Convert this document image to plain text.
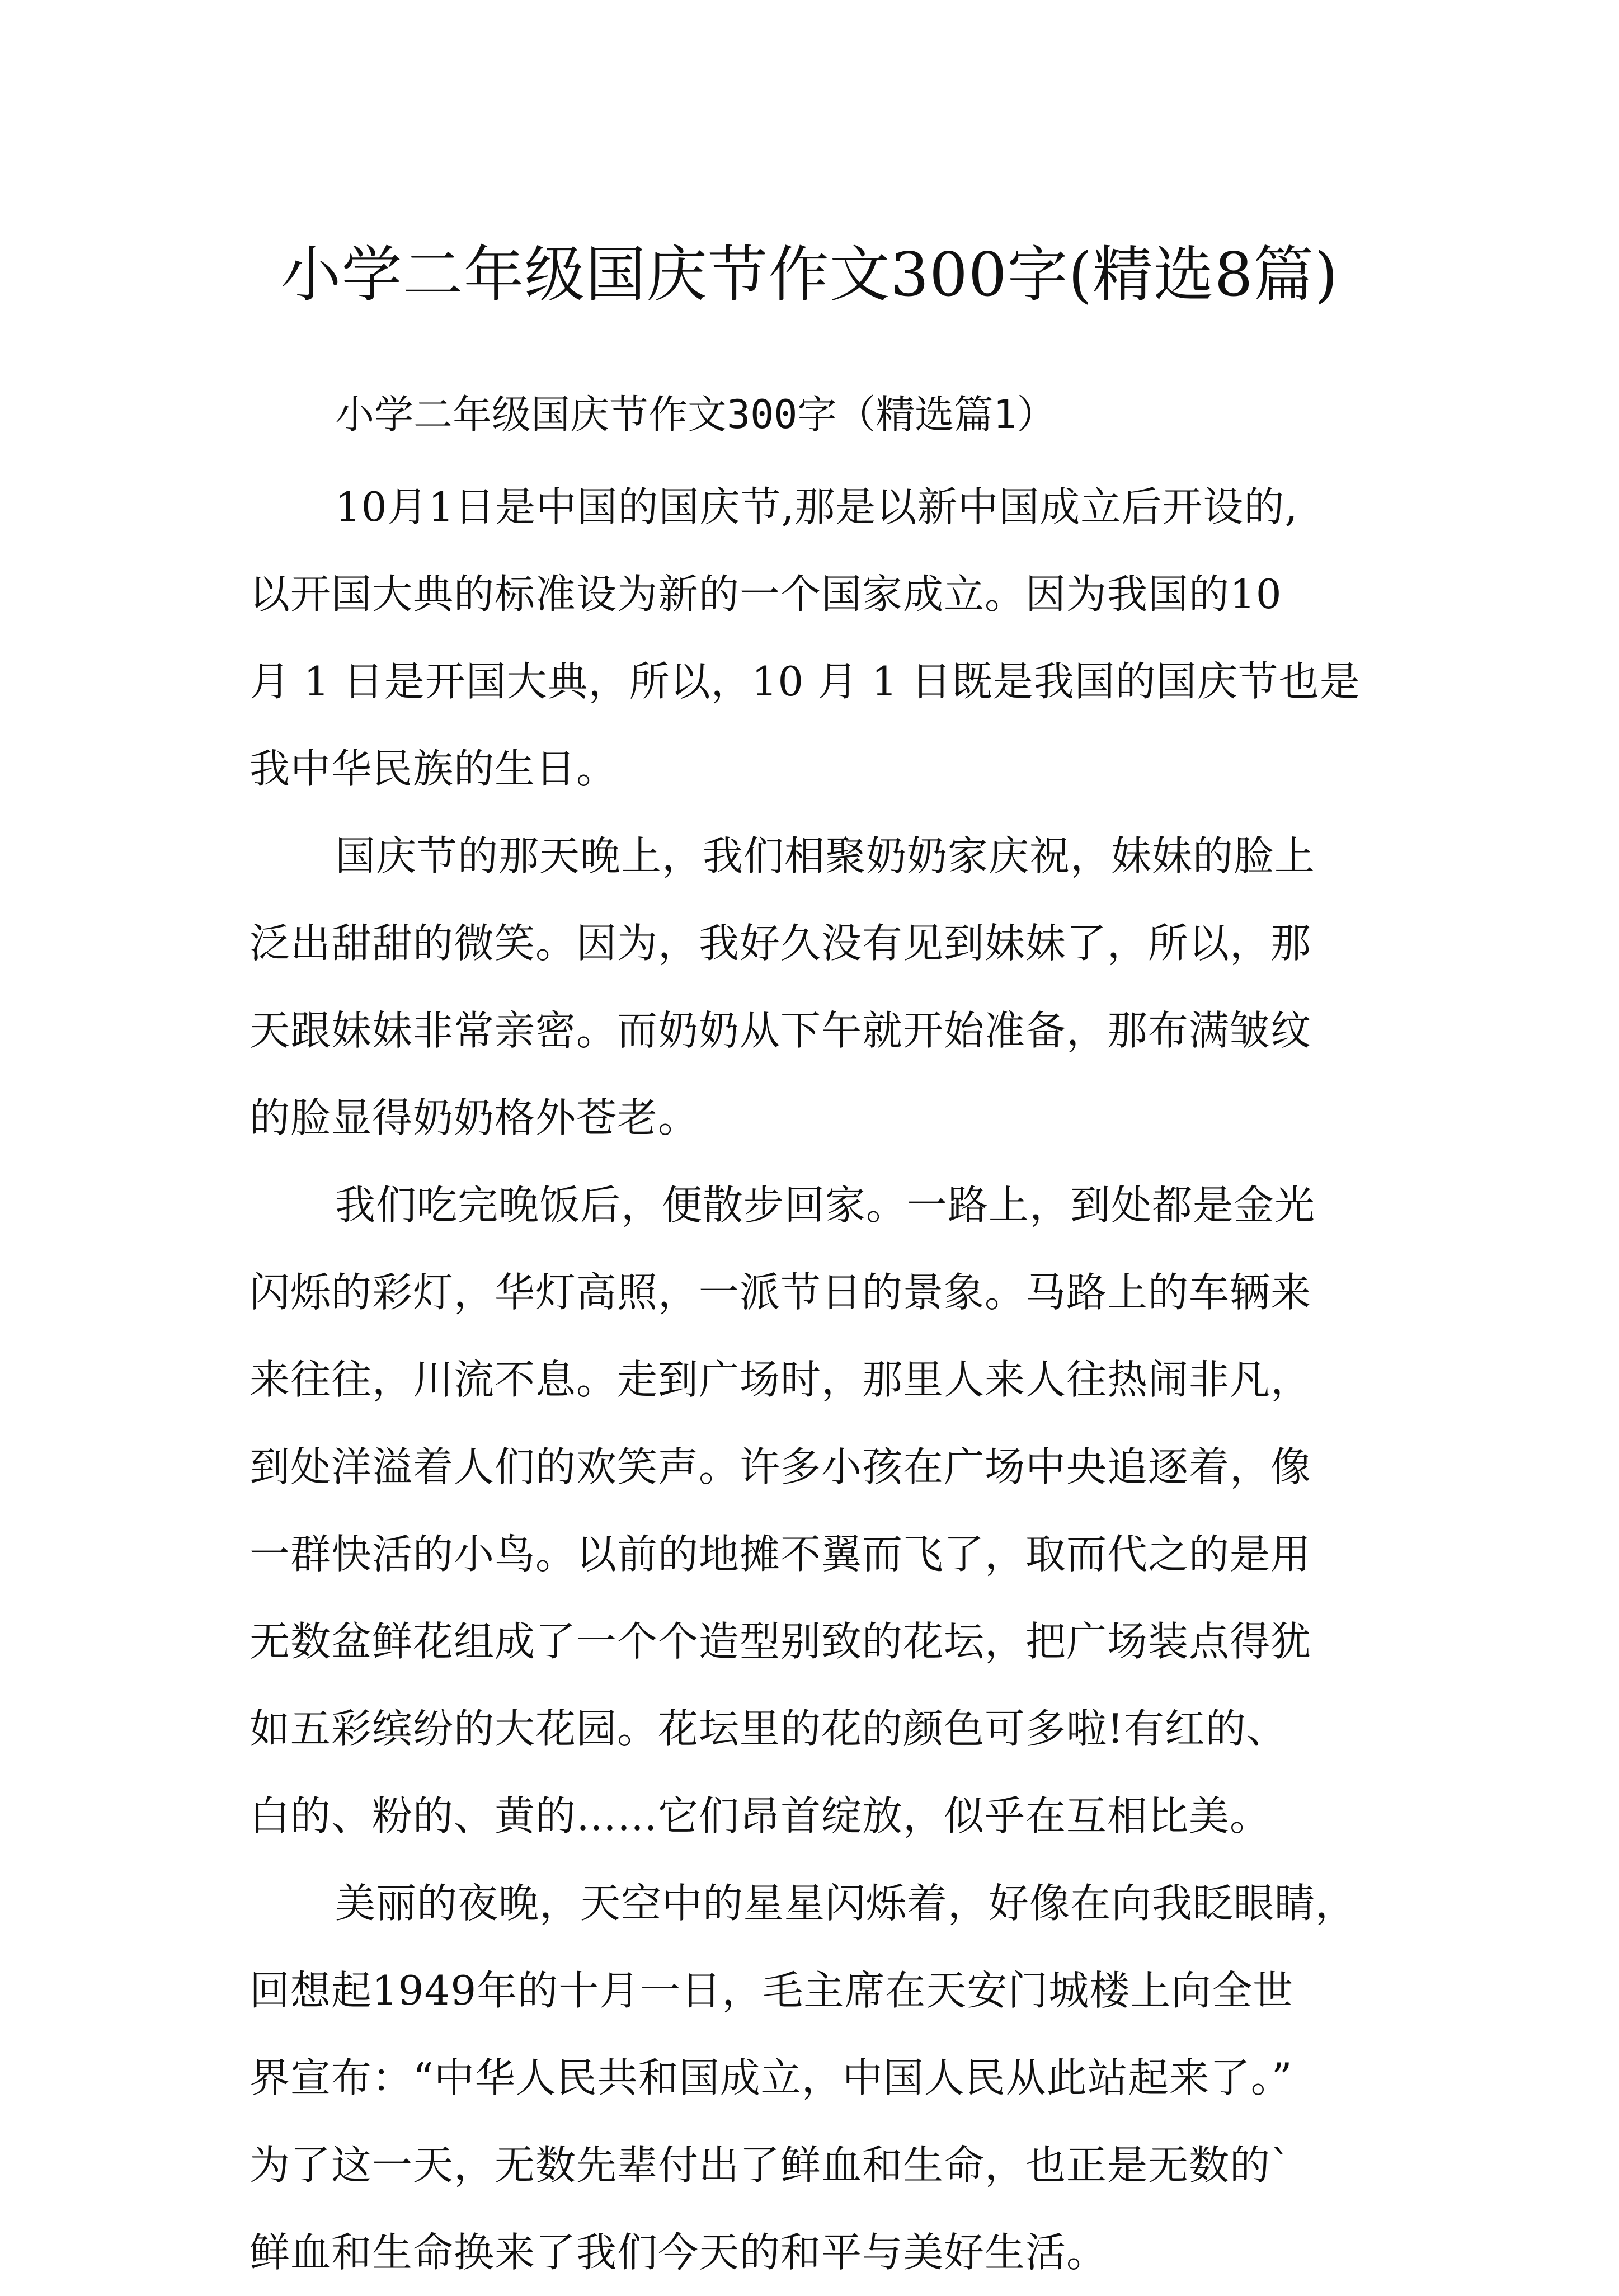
小学二年级国庆节作文300字(精选8篇)
小学二年级国庆节作文300字（精选篇1）
10月1日是中国的国庆节,那是以新中国成立后开设的,
以开国大典的标准设为新的一个国家成立。因为我国的10
月 1 日是开国大典，所以，10 月 1 日既是我国的国庆节也是
我中华民族的生日。
国庆节的那天晚上，我们相聚奶奶家庆祝，妹妹的脸上
泛出甜甜的微笑。因为，我好久没有见到妹妹了，所以，那
天跟妹妹非常亲密。而奶奶从下午就开始准备，那布满皱纹
的脸显得奶奶格外苍老。
我们吃完晚饭后，便散步回家。一路上，到处都是金光
闪烁的彩灯，华灯高照，一派节日的景象。马路上的车辆来
来往往，川流不息。走到广场时，那里人来人往热闹非凡，
到处洋溢着人们的欢笑声。许多小孩在广场中央追逐着，像
一群快活的小鸟。以前的地摊不翼而飞了，取而代之的是用
无数盆鲜花组成了一个个造型别致的花坛，把广场装点得犹
如五彩缤纷的大花园。花坛里的花的颜色可多啦!有红的、
白的、粉的、黄的……它们昂首绽放，似乎在互相比美。
美丽的夜晚，天空中的星星闪烁着，好像在向我眨眼睛，
回想起1949年的十月一日，毛主席在天安门城楼上向全世
界宣布：“中华人民共和国成立，中国人民从此站起来了。”
为了这一天，无数先辈付出了鲜血和生命，也正是无数的`
鲜血和生命换来了我们今天的和平与美好生活。
